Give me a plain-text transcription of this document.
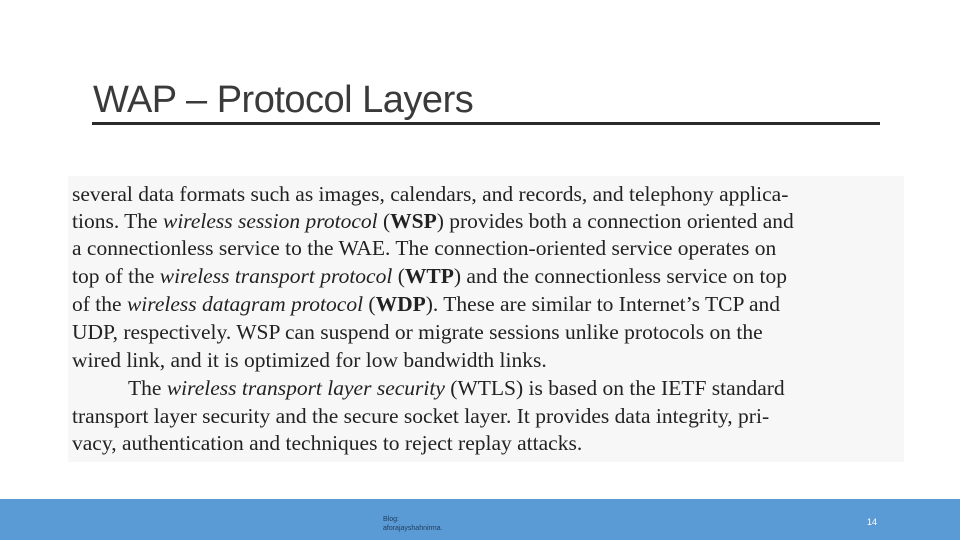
WAP – Protocol Layers
several data formats such as images, calendars, and records, and telephony applica-
tions. The wireless session protocol (WSP) provides both a connection oriented and
a connectionless service to the WAE. The connection-oriented service operates on
top of the wireless transport protocol (WTP) and the connectionless service on top
of the wireless datagram protocol (WDP). These are similar to Internet’s TCP and
UDP, respectively. WSP can suspend or migrate sessions unlike protocols on the
wired link, and it is optimized for low bandwidth links.
The wireless transport layer security (WTLS) is based on the IETF standard
transport layer security and the secure socket layer. It provides data integrity, pri-
vacy, authentication and techniques to reject replay attacks.
Blog:
aforajayshahnirma.
14
